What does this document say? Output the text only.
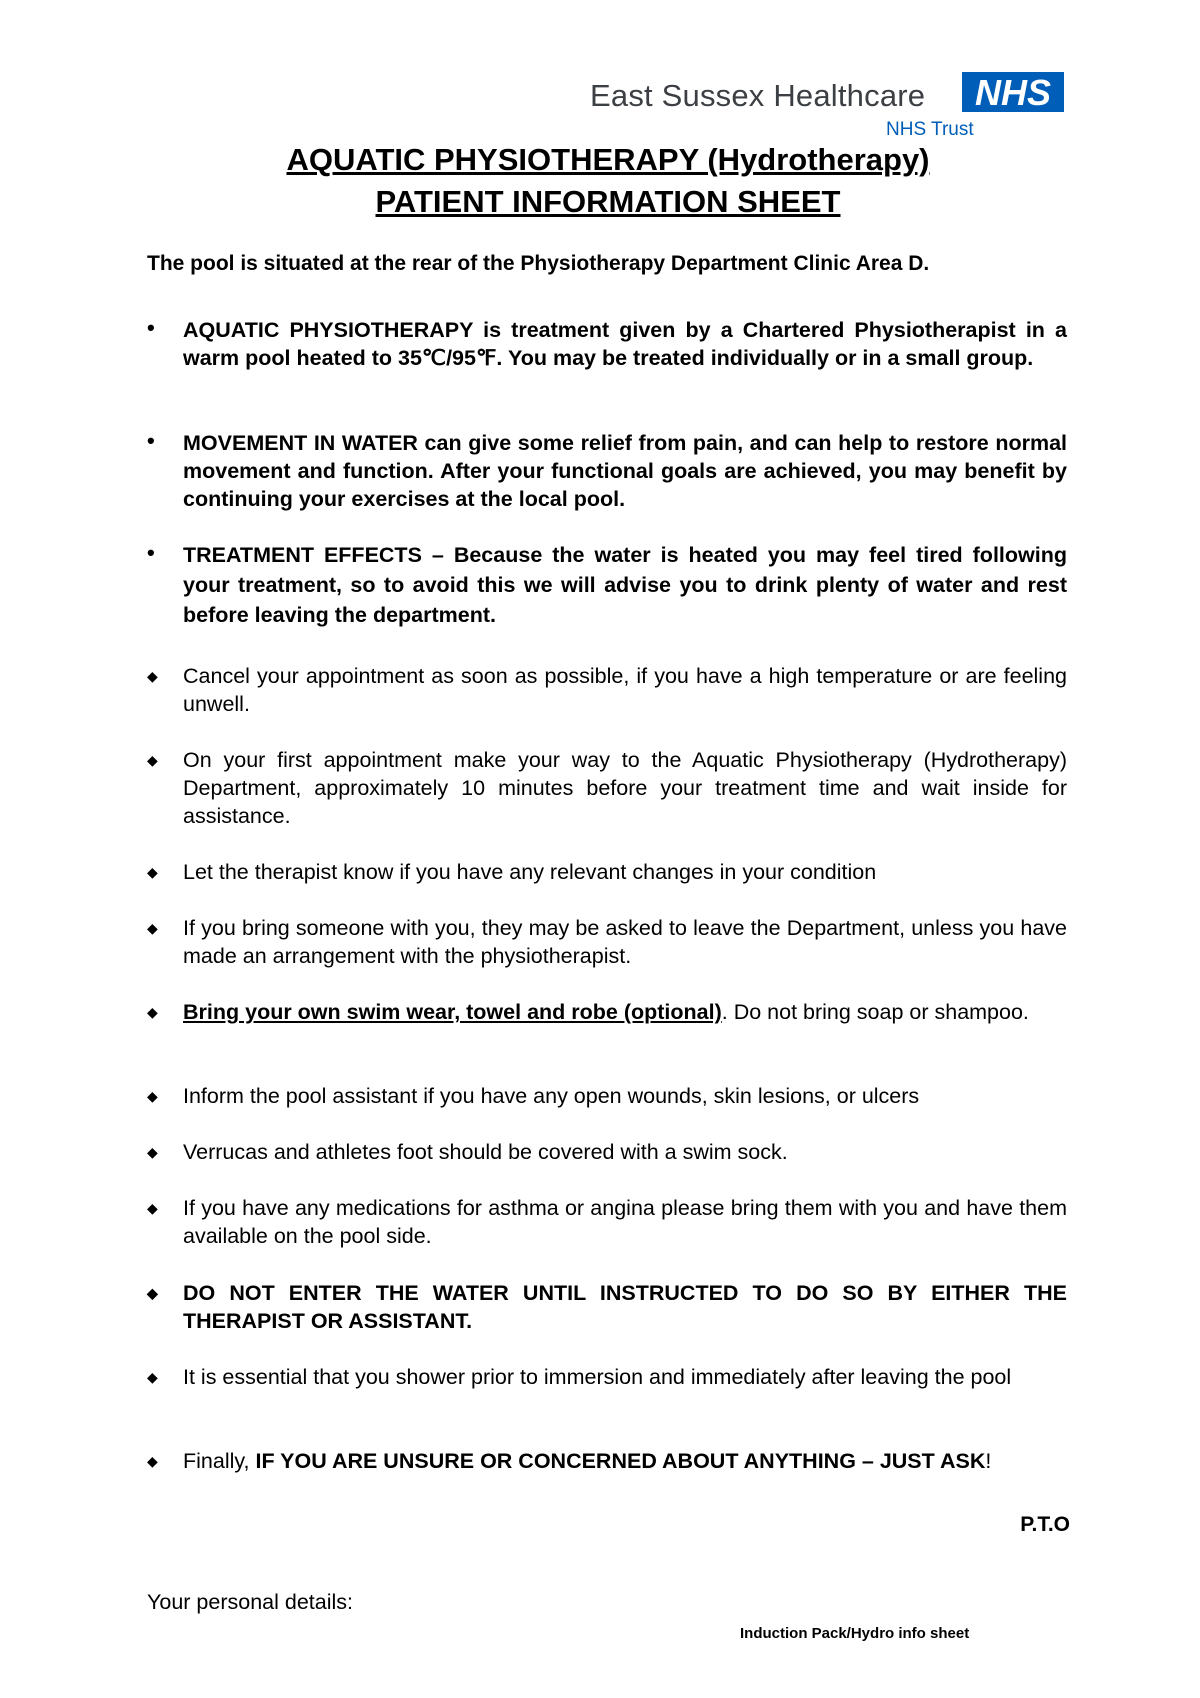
East Sussex Healthcare NHS
NHS Trust
AQUATIC PHYSIOTHERAPY (Hydrotherapy)
PATIENT INFORMATION SHEET
The pool is situated at the rear of the Physiotherapy Department Clinic Area D.
•	AQUATIC PHYSIOTHERAPY is treatment given by a Chartered Physiotherapist in a warm pool heated to 35℃/95℉. You may be treated individually or in a small group.
•	MOVEMENT IN WATER can give some relief from pain, and can help to restore normal movement and function. After your functional goals are achieved, you may benefit by continuing your exercises at the local pool.
•	TREATMENT EFFECTS – Because the water is heated you may feel tired following your treatment, so to avoid this we will advise you to drink plenty of water and rest before leaving the department.
◆	Cancel your appointment as soon as possible, if you have a high temperature or are feeling unwell.
◆	On your first appointment make your way to the Aquatic Physiotherapy (Hydrotherapy) Department, approximately 10 minutes before your treatment time and wait inside for assistance.
◆	Let the therapist know if you have any relevant changes in your condition
◆	If you bring someone with you, they may be asked to leave the Department, unless you have made an arrangement with the physiotherapist.
◆	Bring your own swim wear, towel and robe (optional). Do not bring soap or shampoo.
◆	Inform the pool assistant if you have any open wounds, skin lesions, or ulcers
◆	Verrucas and athletes foot should be covered with a swim sock.
◆	If you have any medications for asthma or angina please bring them with you and have them available on the pool side.
◆	DO NOT ENTER THE WATER UNTIL INSTRUCTED TO DO SO BY EITHER THE THERAPIST OR ASSISTANT.
◆	It is essential that you shower prior to immersion and immediately after leaving the pool
◆	Finally, IF YOU ARE UNSURE OR CONCERNED ABOUT ANYTHING – JUST ASK!
P.T.O
Your personal details:
Induction Pack/Hydro info sheet
